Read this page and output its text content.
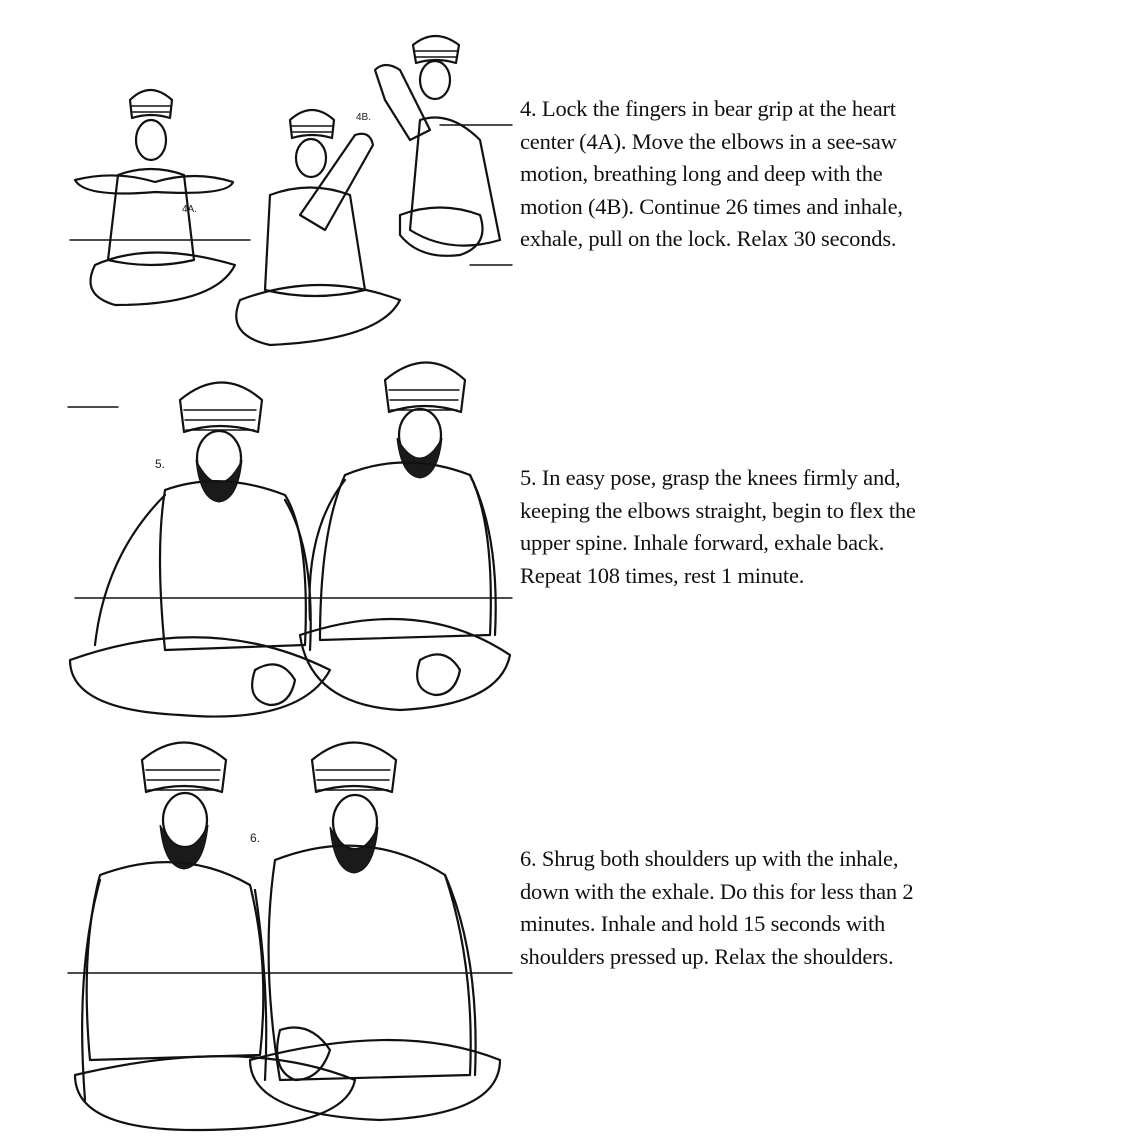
4A.
4B.	4. Lock the fingers in bear grip at the heart center (4A). Move the elbows in a see-saw motion, breathing long and deep with the motion (4B). Continue 26 times and inhale, exhale, pull on the lock. Relax 30 seconds.
5.
5. In easy pose, grasp the knees firmly and, keeping the elbows straight, begin to flex the upper spine. Inhale forward, exhale back. Repeat 108 times, rest 1 minute.
6.
6. Shrug both shoulders up with the inhale, down with the exhale. Do this for less than 2 minutes. Inhale and hold 15 seconds with shoulders pressed up. Relax the shoulders.
